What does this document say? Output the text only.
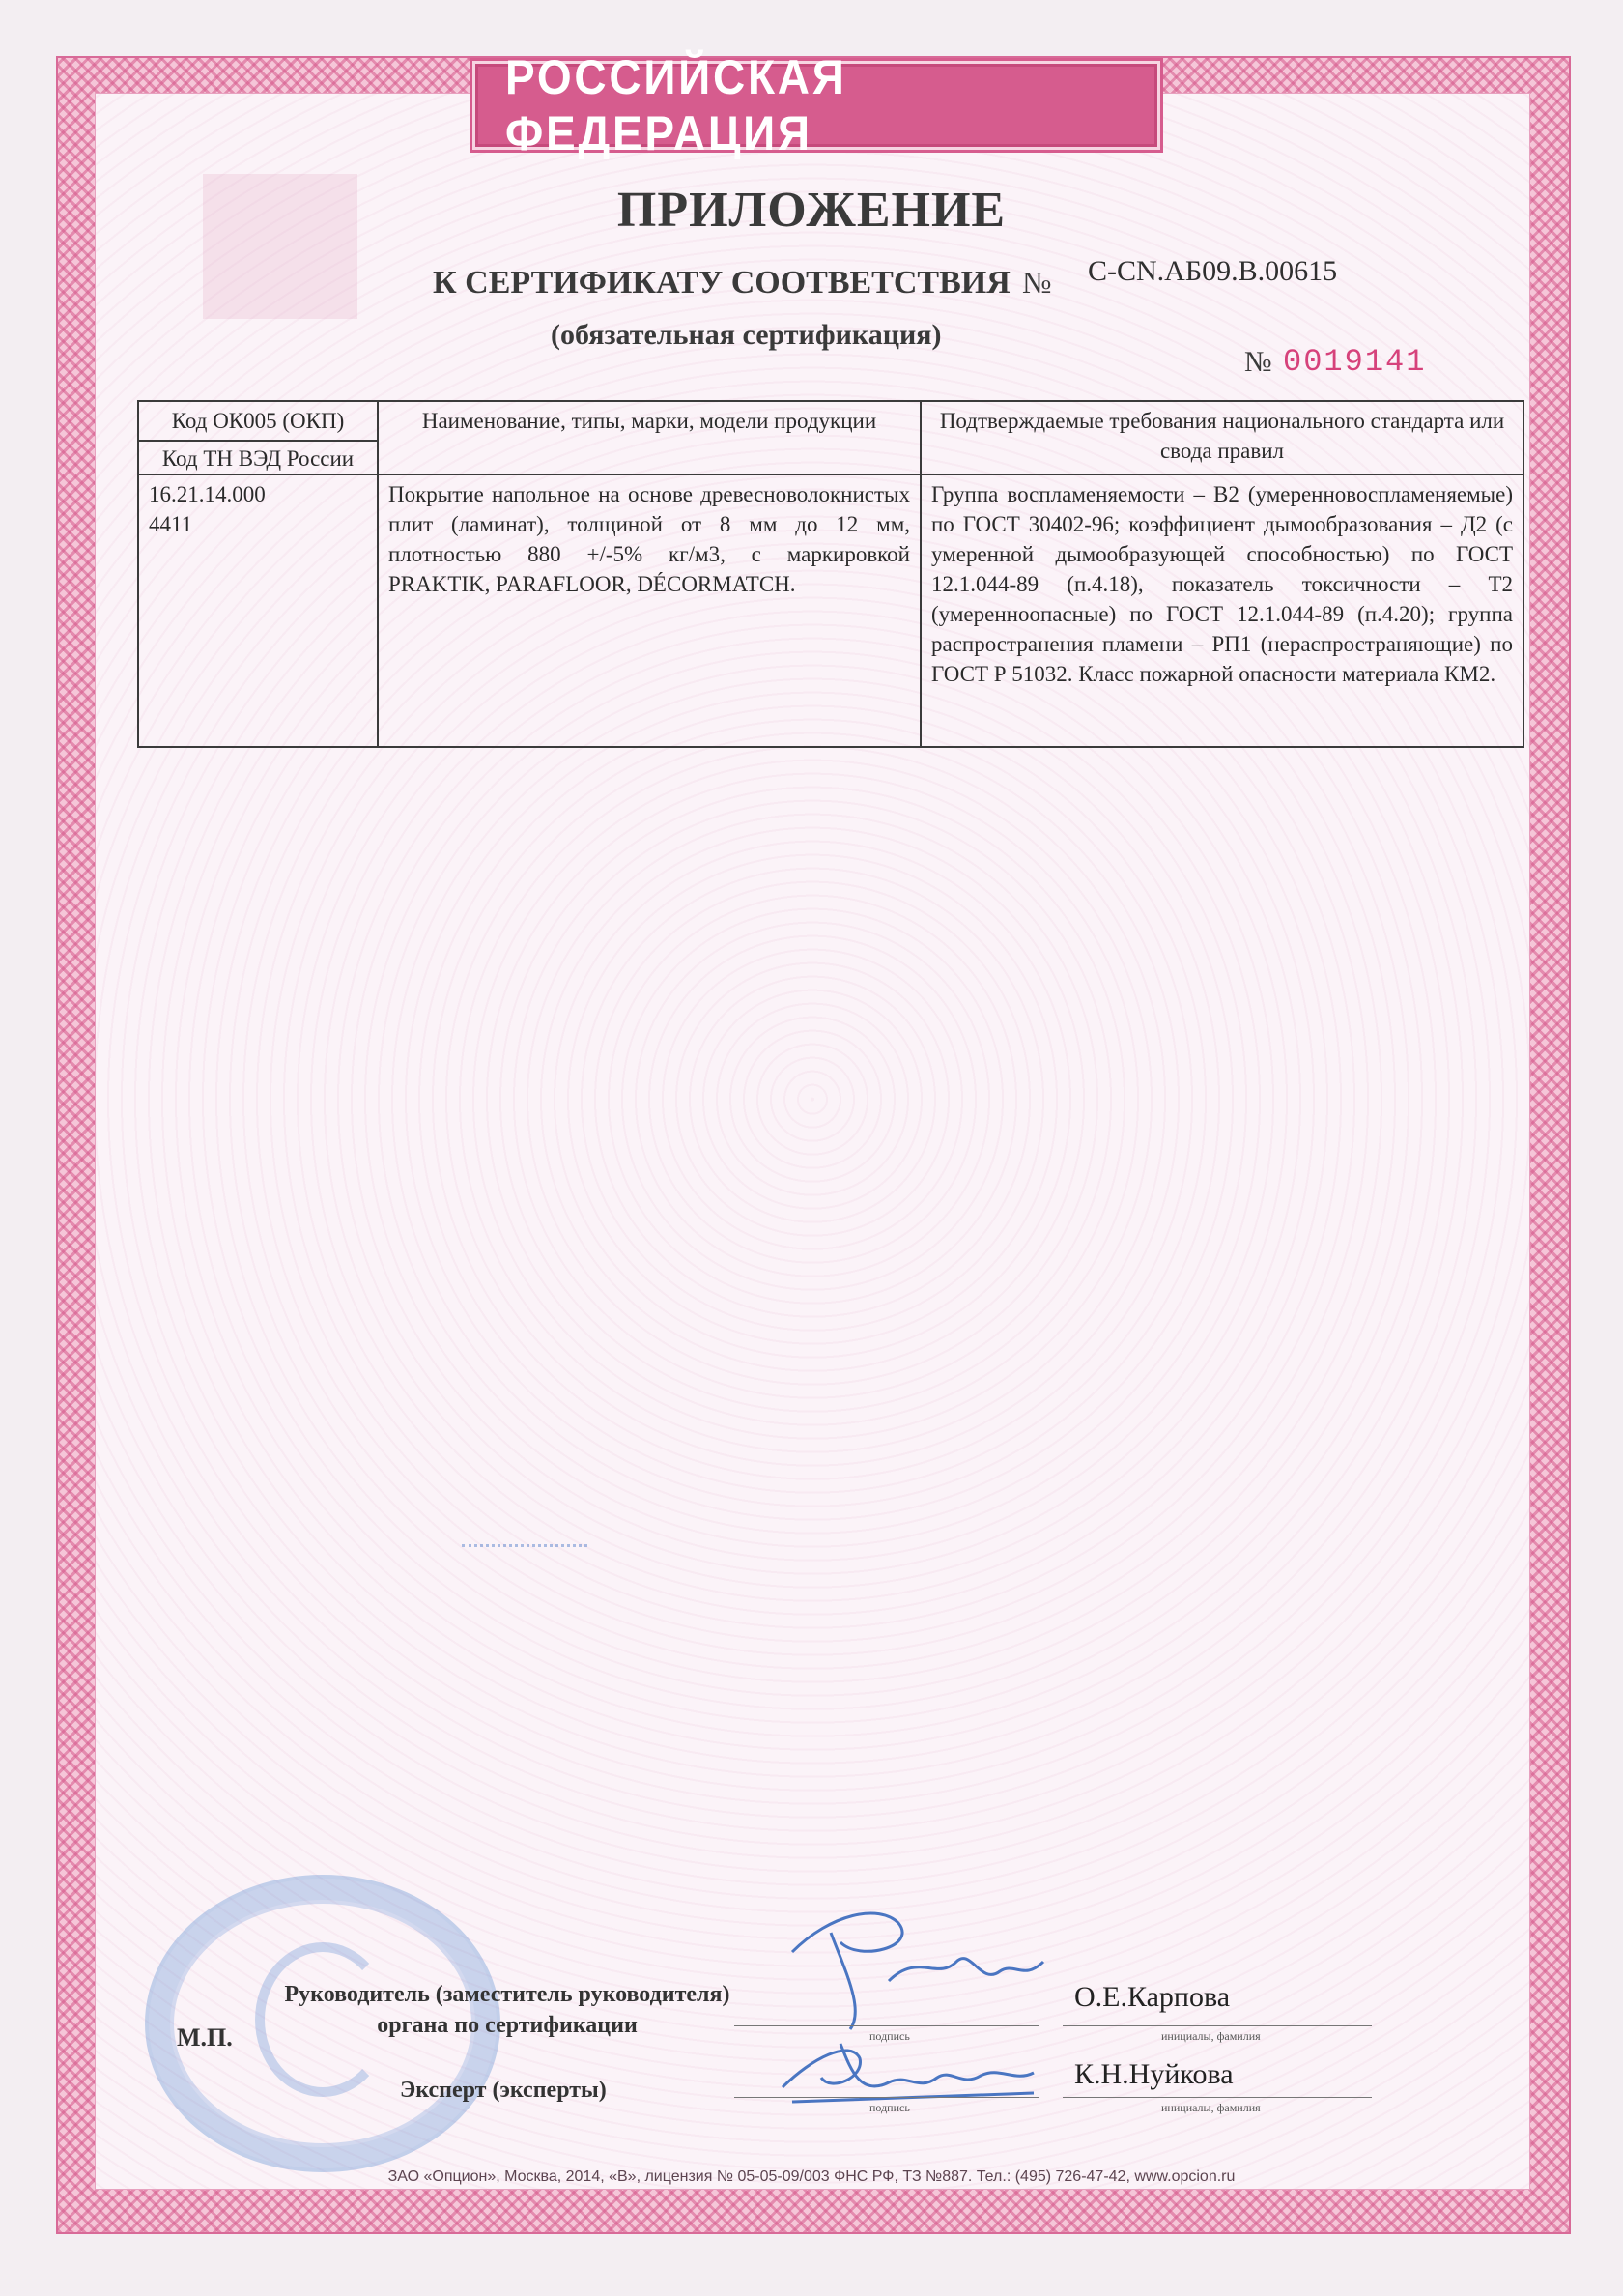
РОССИЙСКАЯ ФЕДЕРАЦИЯ
ПРИЛОЖЕНИЕ
К СЕРТИФИКАТУ СООТВЕТСТВИЯ № C-CN.АБ09.В.00615
(обязательная сертификация)
№ 0019141
Код ОК005 (ОКП)
Код ТН ВЭД России	Наименование, типы, марки, модели продукции	Подтверждаемые требования национального стандарта или свода правил

16.21.14.000
4411	Покрытие напольное на основе древесноволокнистых плит (ламинат), толщиной от 8 мм до 12 мм, плотностью 880 +/-5% кг/м3, с маркировкой PRAKTIK, PARAFLOOR, DÉCORMATCH.	Группа воспламеняемости – В2 (умеренновоспламеняемые) по ГОСТ 30402-96; коэффициент дымообразования – Д2 (с умеренной дымообразующей способностью) по ГОСТ 12.1.044-89 (п.4.18), показатель токсичности – Т2 (умеренноопасные) по ГОСТ 12.1.044-89 (п.4.20); группа распространения пламени – РП1 (нераспространяющие) по ГОСТ Р 51032. Класс пожарной опасности материала КМ2.
Руководитель (заместитель руководителя) органа по сертификации
М.П.
Эксперт (эксперты)
подпись
подпись
инициалы, фамилия
инициалы, фамилия
О.Е.Карпова
К.Н.Нуйкова
ЗАО «Опцион», Москва, 2014, «В», лицензия № 05-05-09/003 ФНС РФ, ТЗ №887. Тел.: (495) 726-47-42, www.opcion.ru
